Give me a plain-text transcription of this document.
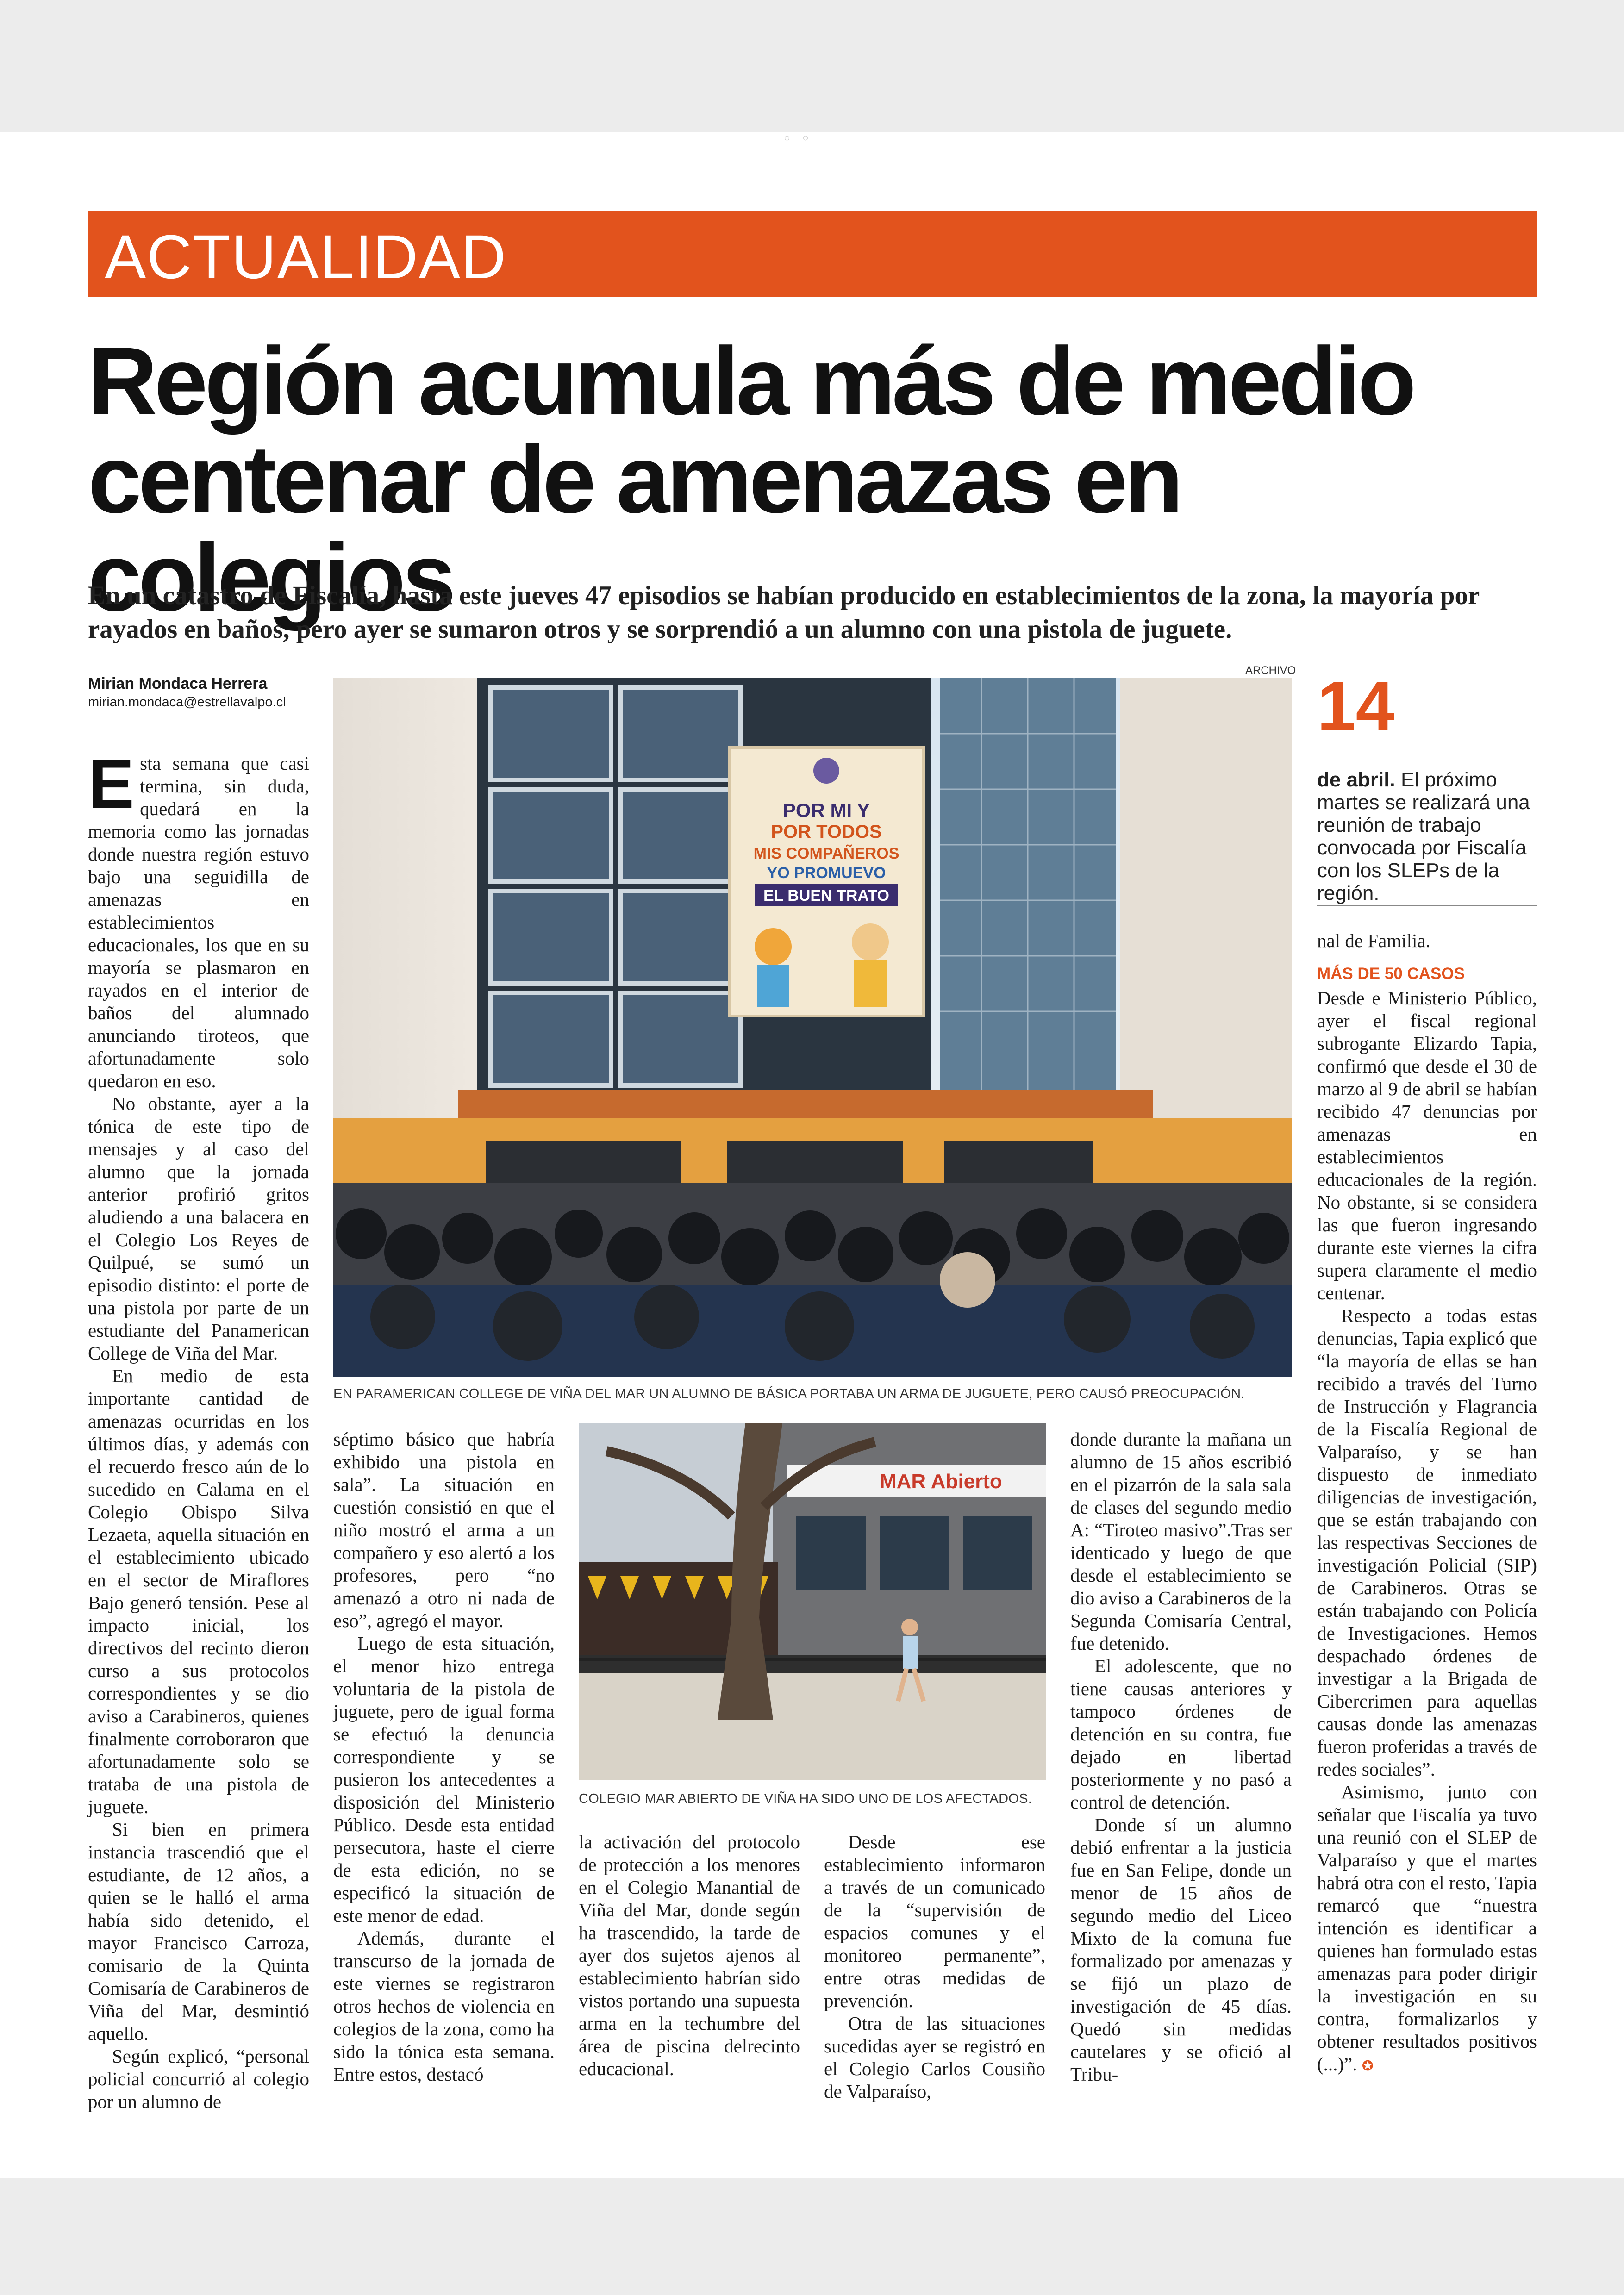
◦◦
ACTUALIDAD
Región acumula más de medio centenar de amenazas en colegios

En un catastro de Fiscalía, hasta este jueves 47 episodios se habían producido en establecimientos de la zona, la mayoría por rayados en baños, pero ayer se sumaron otros y se sorprendió a un alumno con una pistola de juguete.

Mirian Mondaca Herrera
mirian.mondaca@estrellavalpo.cl

Esta semana que casi termina, sin duda, quedará en la memoria como las jornadas donde nuestra región estuvo bajo una seguidilla de amenazas en establecimientos educacionales, los que en su mayoría se plasmaron en rayados en el interior de baños del alumnado anunciando tiroteos, que afortunadamente solo quedaron en eso.

No obstante, ayer a la tónica de este tipo de mensajes y al caso del alumno que la jornada anterior profirió gritos aludiendo a una balacera en el Colegio Los Reyes de Quilpué, se sumó un episodio distinto: el porte de una pistola por parte de un estudiante del Panamerican College de Viña del Mar.

En medio de esta importante cantidad de amenazas ocurridas en los últimos días, y además con el recuerdo fresco aún de lo sucedido en Calama en el Colegio Obispo Silva Lezaeta, aquella situación en el establecimiento ubicado en el sector de Miraflores Bajo generó tensión. Pese al impacto inicial, los directivos del recinto dieron curso a sus protocolos correspondientes y se dio aviso a Carabineros, quienes finalmente corroboraron que afortunadamente solo se trataba de una pistola de juguete.

Si bien en primera instancia trascendió que el estudiante, de 12 años, a quien se le halló el arma había sido detenido, el mayor Francisco Carroza, comisario de la Quinta Comisaría de Carabineros de Viña del Mar, desmintió aquello.

Según explicó, “personal policial concurrió al colegio por un alumno de

ARCHIVO
POR MI Y
POR TODOS
MIS COMPAÑEROS
YO PROMUEVO
EL BUEN TRATO
EN PARAMERICAN COLLEGE DE VIÑA DEL MAR UN ALUMNO DE BÁSICA PORTABA UN ARMA DE JUGUETE, PERO CAUSÓ PREOCUPACIÓN.
14
de abril. El próximo martes se realizará una reunión de trabajo convocada por Fiscalía con los SLEPs de la región.

nal de Familia.

MÁS DE 50 CASOS

Desde e Ministerio Público, ayer el fiscal regional subrogante Elizardo Tapia, confirmó que desde el 30 de marzo al 9 de abril se habían recibido 47 denuncias por amenazas en establecimientos educacionales de la región. No obstante, si se considera las que fueron ingresando durante este viernes la cifra supera claramente el medio centenar.

Respecto a todas estas denuncias, Tapia explicó que “la mayoría de ellas se han recibido a través del Turno de Instrucción y Flagrancia de la Fiscalía Regional de Valparaíso, y se han dispuesto de inmediato diligencias de investigación, que se están trabajando con las respectivas Secciones de investigación Policial (SIP) de Carabineros. Otras se están trabajando con Policía de Investigaciones. Hemos despachado órdenes de investigar a la Brigada de Cibercrimen para aquellas causas donde las amenazas fueron proferidas a través de redes sociales”.

Asimismo, junto con señalar que Fiscalía ya tuvo una reunió con el SLEP de Valparaíso y que el martes habrá otra con el resto, Tapia remarcó que “nuestra intención es identificar a quienes han formulado estas amenazas para poder dirigir la investigación en su contra, formalizarlos y obtener resultados positivos (...)”. ✪

séptimo básico que habría exhibido una pistola en sala”. La situación en cuestión consistió en que el niño mostró el arma a un compañero y eso alertó a los profesores, pero “no amenazó a otro ni nada de eso”, agregó el mayor.

Luego de esta situación, el menor hizo entrega voluntaria de la pistola de juguete, pero de igual forma se efectuó la denuncia correspondiente y se pusieron los antecedentes a disposición del Ministerio Público. Desde esta entidad persecutora, haste el cierre de esta edición, no se especificó la situación de este menor de edad.

Además, durante el transcurso de la jornada de este viernes se registraron otros hechos de violencia en colegios de la zona, como ha sido la tónica esta semana. Entre estos, destacó

MAR Abierto
COLEGIO MAR ABIERTO DE VIÑA HA SIDO UNO DE LOS AFECTADOS.

donde durante la mañana un alumno de 15 años escribió en el pizarrón de la sala sala de clases del segundo medio A: “Tiroteo masivo”.Tras ser identicado y luego de que desde el establecimiento se dio aviso a Carabineros de la Segunda Comisaría Central, fue detenido.

El adolescente, que no tiene causas anteriores y tampoco órdenes de detención en su contra, fue dejado en libertad posteriormente y no pasó a control de detención.

Donde sí un alumno debió enfrentar a la justicia fue en San Felipe, donde un menor de 15 años de segundo medio del Liceo Mixto de la comuna fue formalizado por amenazas y se fijó un plazo de investigación de 45 días. Quedó sin medidas cautelares y se ofició al Tribu-

la activación del protocolo de protección a los menores en el Colegio Manantial de Viña del Mar, donde según ha trascendido, la tarde de ayer dos sujetos ajenos al establecimiento habrían sido vistos portando una supuesta arma en la techumbre del área de piscina delrecinto educacional.

Desde ese establecimiento informaron a través de un comunicado de la “supervisión de espacios comunes y el monitoreo permanente”, entre otras medidas de prevención.

Otra de las situaciones sucedidas ayer se registró en el Colegio Carlos Cousiño de Valparaíso,
